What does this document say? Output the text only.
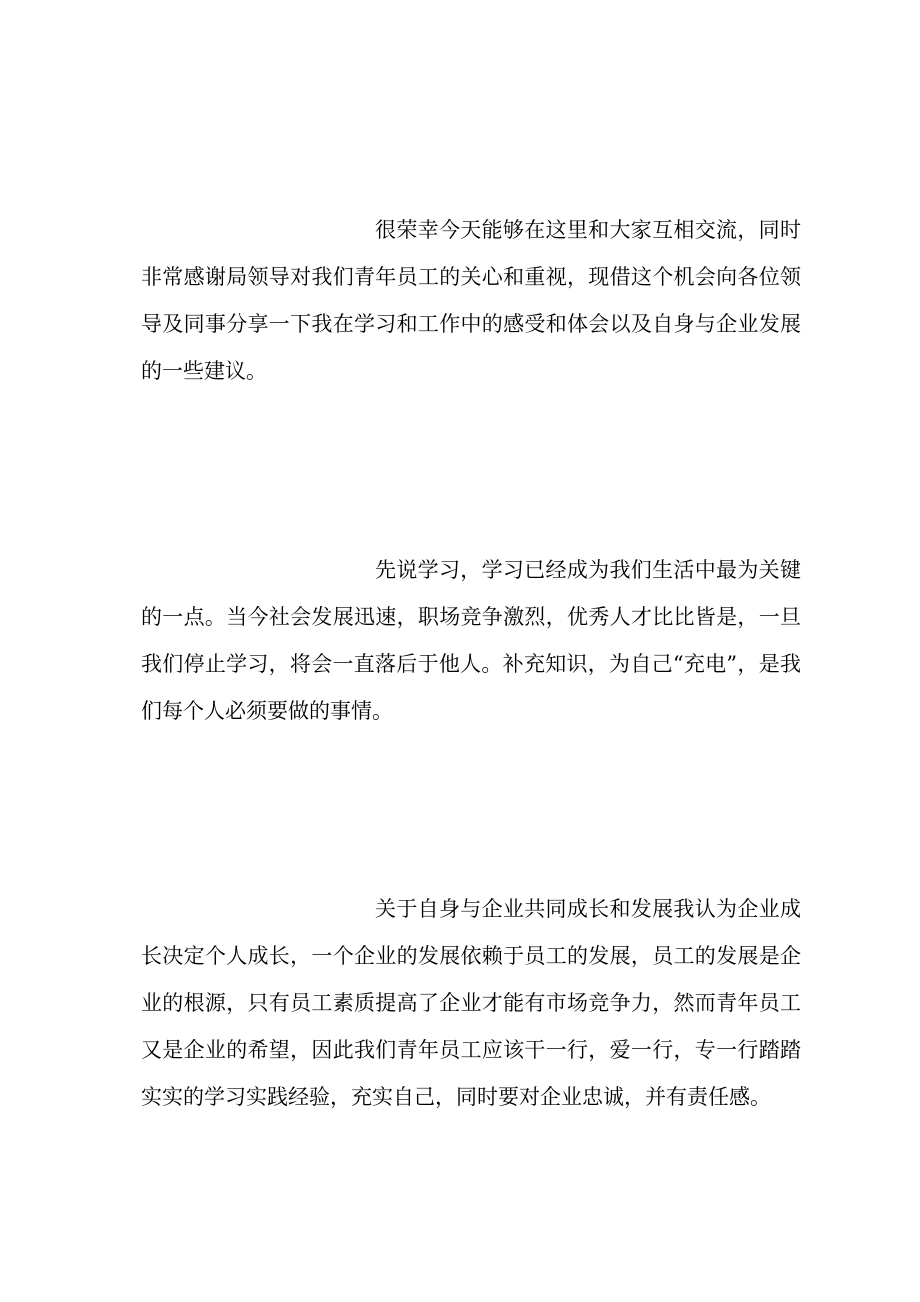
很荣幸今天能够在这里和大家互相交流，同时非常感谢局领导对我们青年员工的关心和重视，现借这个机会向各位领导及同事分享一下我在学习和工作中的感受和体会以及自身与企业发展的一些建议。

先说学习，学习已经成为我们生活中最为关键的一点。当今社会发展迅速，职场竞争激烈，优秀人才比比皆是，一旦我们停止学习，将会一直落后于他人。补充知识，为自己“充电”，是我们每个人必须要做的事情。

关于自身与企业共同成长和发展我认为企业成长决定个人成长，一个企业的发展依赖于员工的发展，员工的发展是企业的根源，只有员工素质提高了企业才能有市场竞争力，然而青年员工又是企业的希望，因此我们青年员工应该干一行，爱一行，专一行踏踏实实的学习实践经验，充实自己，同时要对企业忠诚，并有责任感。
